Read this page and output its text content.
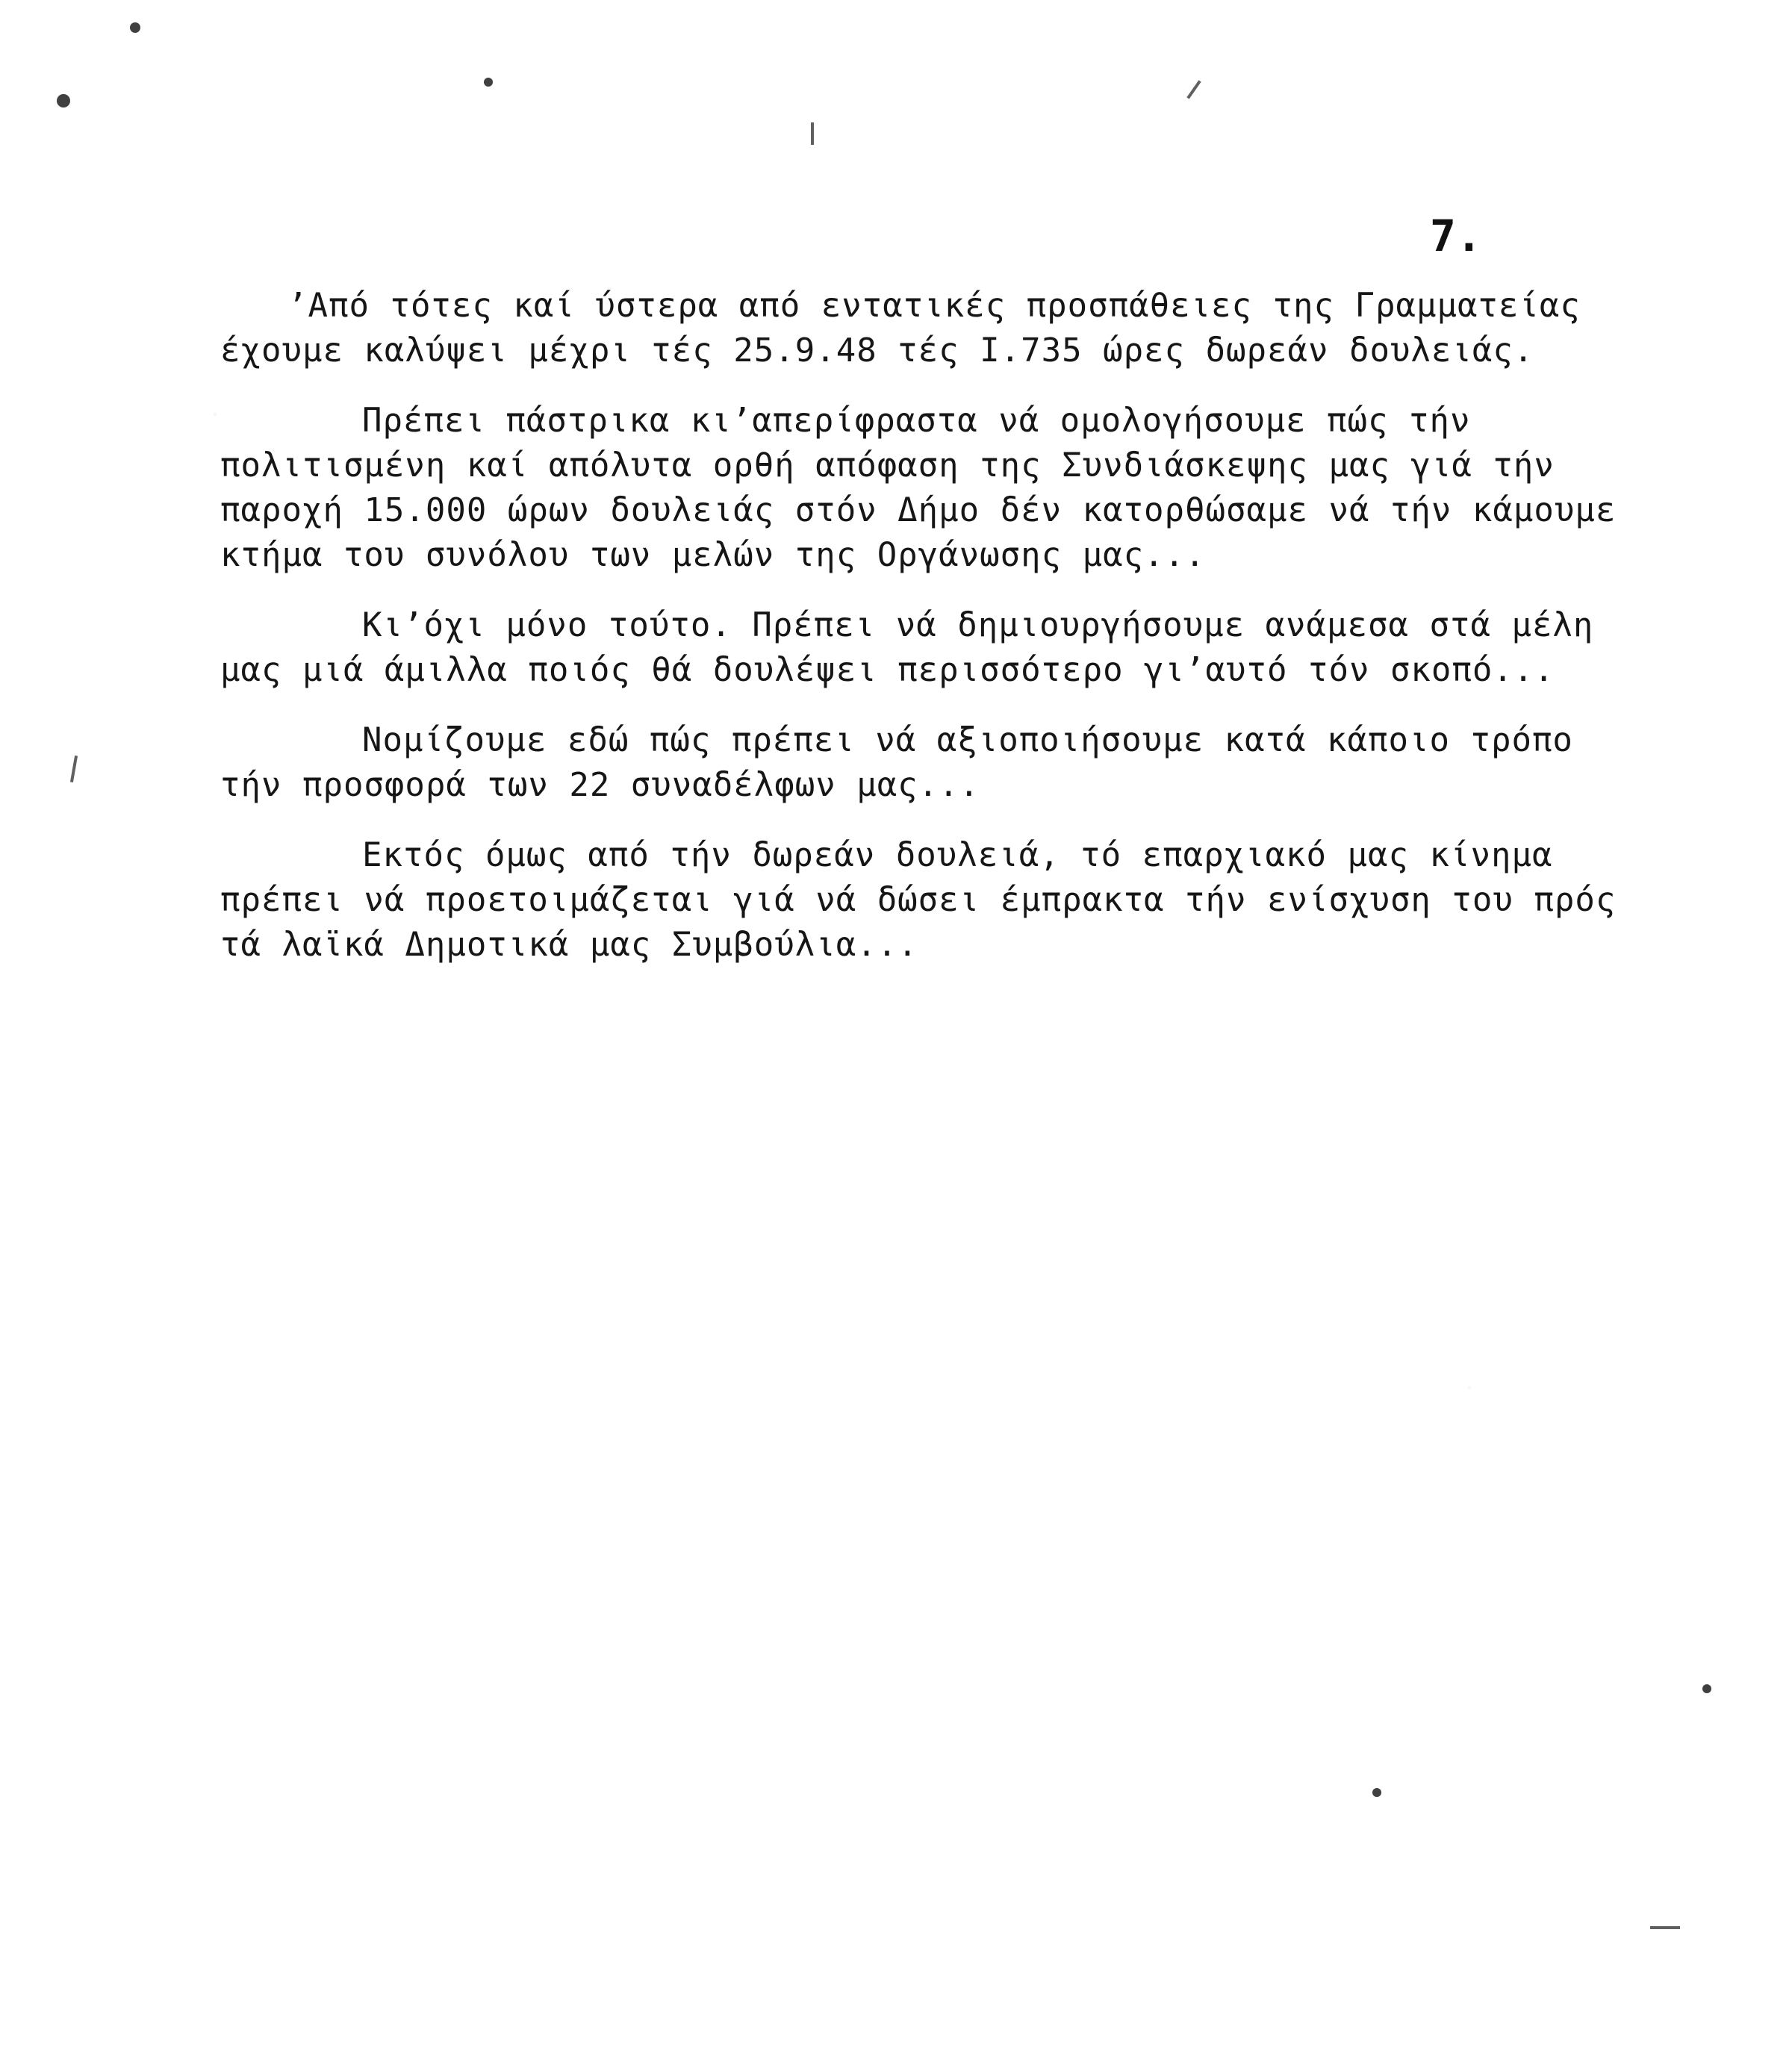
7.

’Από τότες καί ύστερα από εντατικές προσπάθειες της Γραμματείας έχουμε καλύψει μέχρι τές 25.9.48 τές Ι.735 ώρες δωρεάν δουλειάς.

Πρέπει πάστρικα κι’απερίφραστα νά ομολογήσουμε πώς τήν πολιτισμένη καί απόλυτα ορθή απόφαση της Συνδιάσκεψης μας γιά τήν παροχή 15.000 ώρων δουλειάς στόν Δήμο δέν κατορθώσαμε νά τήν κάμουμε κτήμα του συνόλου των μελών της Οργάνωσης μας...

Κι’όχι μόνο τούτο. Πρέπει νά δημιουργήσουμε ανάμεσα στά μέλη μας μιά άμιλλα ποιός θά δουλέψει περισσότερο γι’αυτό τόν σκοπό...

Νομίζουμε εδώ πώς πρέπει νά αξιοποιήσουμε κατά κάποιο τρόπο τήν προσφορά των 22 συναδέλφων μας...

Εκτός όμως από τήν δωρεάν δουλειά, τό επαρχιακό μας κίνημα πρέπει νά προετοιμάζεται γιά νά δώσει έμπρακτα τήν ενίσχυση του πρός τά λαϊκά Δημοτικά μας Συμβούλια...
